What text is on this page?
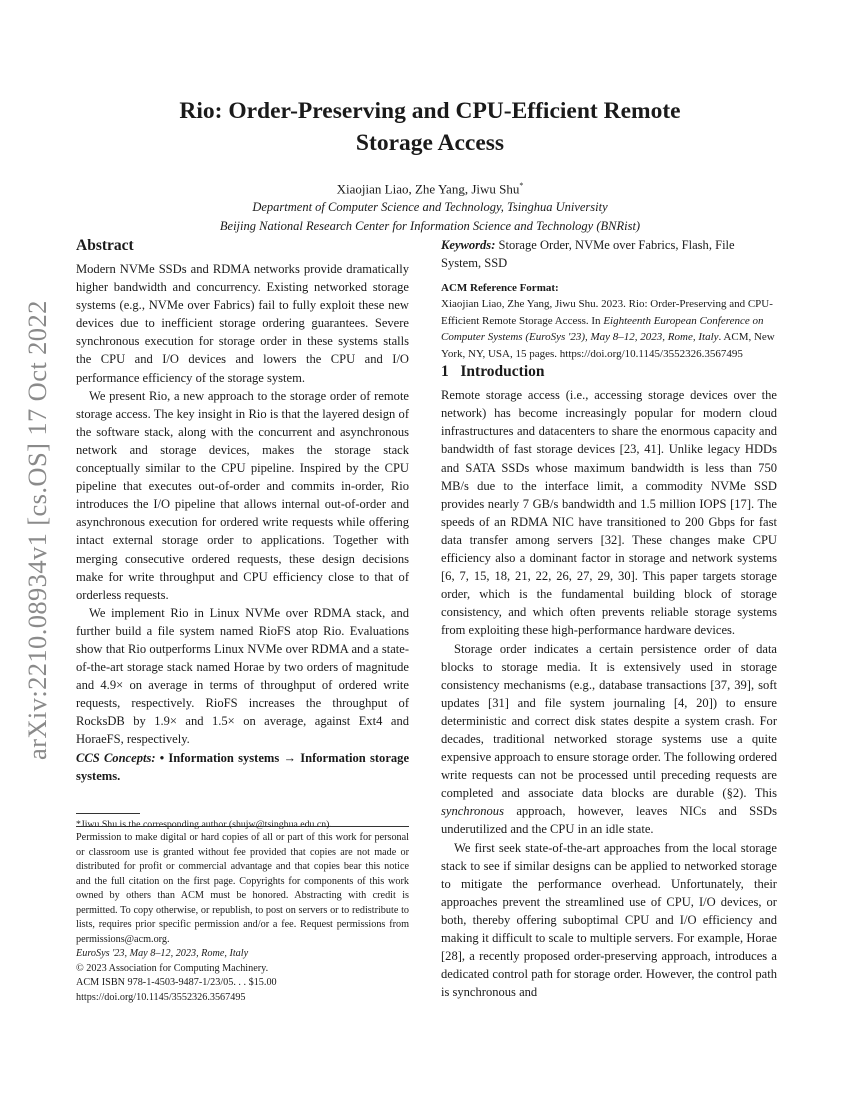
arXiv:2210.08934v1 [cs.OS] 17 Oct 2022
Rio: Order-Preserving and CPU-Efficient Remote
Storage Access
Xiaojian Liao, Zhe Yang, Jiwu Shu*
Department of Computer Science and Technology, Tsinghua University
Beijing National Research Center for Information Science and Technology (BNRist)
Abstract

Modern NVMe SSDs and RDMA networks provide dramatically higher bandwidth and concurrency. Existing networked storage systems (e.g., NVMe over Fabrics) fail to fully exploit these new devices due to inefficient storage ordering guarantees. Severe synchronous execution for storage order in these systems stalls the CPU and I/O devices and lowers the CPU and I/O performance efficiency of the storage system.

We present Rio, a new approach to the storage order of remote storage access. The key insight in Rio is that the layered design of the software stack, along with the concurrent and asynchronous network and storage devices, makes the storage stack conceptually similar to the CPU pipeline. Inspired by the CPU pipeline that executes out-of-order and commits in-order, Rio introduces the I/O pipeline that allows internal out-of-order and asynchronous execution for ordered write requests while offering intact external storage order to applications. Together with merging consecutive ordered requests, these design decisions make for write throughput and CPU efficiency close to that of orderless requests.

We implement Rio in Linux NVMe over RDMA stack, and further build a file system named RioFS atop Rio. Evaluations show that Rio outperforms Linux NVMe over RDMA and a state-of-the-art storage stack named Horae by two orders of magnitude and 4.9× on average in terms of throughput of ordered write requests, respectively. RioFS increases the throughput of RocksDB by 1.9× and 1.5× on average, against Ext4 and HoraeFS, respectively.

CCS Concepts: • Information systems → Information storage systems.

*Jiwu Shu is the corresponding author (shujw@tsinghua.edu.cn).

Permission to make digital or hard copies of all or part of this work for personal or classroom use is granted without fee provided that copies are not made or distributed for profit or commercial advantage and that copies bear this notice and the full citation on the first page. Copyrights for components of this work owned by others than ACM must be honored. Abstracting with credit is permitted. To copy otherwise, or republish, to post on servers or to redistribute to lists, requires prior specific permission and/or a fee. Request permissions from permissions@acm.org.

EuroSys '23, May 8–12, 2023, Rome, Italy
© 2023 Association for Computing Machinery.
ACM ISBN 978-1-4503-9487-1/23/05. . . $15.00
https://doi.org/10.1145/3552326.3567495

Keywords: Storage Order, NVMe over Fabrics, Flash, File System, SSD

ACM Reference Format:
Xiaojian Liao, Zhe Yang, Jiwu Shu. 2023. Rio: Order-Preserving and CPU-Efficient Remote Storage Access. In Eighteenth European Conference on Computer Systems (EuroSys '23), May 8–12, 2023, Rome, Italy. ACM, New York, NY, USA, 15 pages. https://doi.org/10.1145/3552326.3567495
1 Introduction

Remote storage access (i.e., accessing storage devices over the network) has become increasingly popular for modern cloud infrastructures and datacenters to share the enormous capacity and bandwidth of fast storage devices [23, 41]. Unlike legacy HDDs and SATA SSDs whose maximum bandwidth is less than 750 MB/s due to the interface limit, a commodity NVMe SSD provides nearly 7 GB/s bandwidth and 1.5 million IOPS [17]. The speeds of an RDMA NIC have transitioned to 200 Gbps for fast data transfer among servers [32]. These changes make CPU efficiency also a dominant factor in storage and network systems [6, 7, 15, 18, 21, 22, 26, 27, 29, 30]. This paper targets storage order, which is the fundamental building block of storage consistency, and which often prevents reliable storage systems from exploiting these high-performance hardware devices.

Storage order indicates a certain persistence order of data blocks to storage media. It is extensively used in storage consistency mechanisms (e.g., database transactions [37, 39], soft updates [31] and file system journaling [4, 20]) to ensure deterministic and correct disk states despite a system crash. For decades, traditional networked storage systems use a quite expensive approach to ensure storage order. The following ordered write requests can not be processed until preceding requests are completed and associate data blocks are durable (§2). This synchronous approach, however, leaves NICs and SSDs underutilized and the CPU in an idle state.

We first seek state-of-the-art approaches from the local storage stack to see if similar designs can be applied to networked storage to mitigate the performance overhead. Unfortunately, their approaches prevent the streamlined use of CPU, I/O devices, or both, thereby offering suboptimal CPU and I/O efficiency and making it difficult to scale to multiple servers. For example, Horae [28], a recently proposed order-preserving approach, introduces a dedicated control path for storage order. However, the control path is synchronous and
